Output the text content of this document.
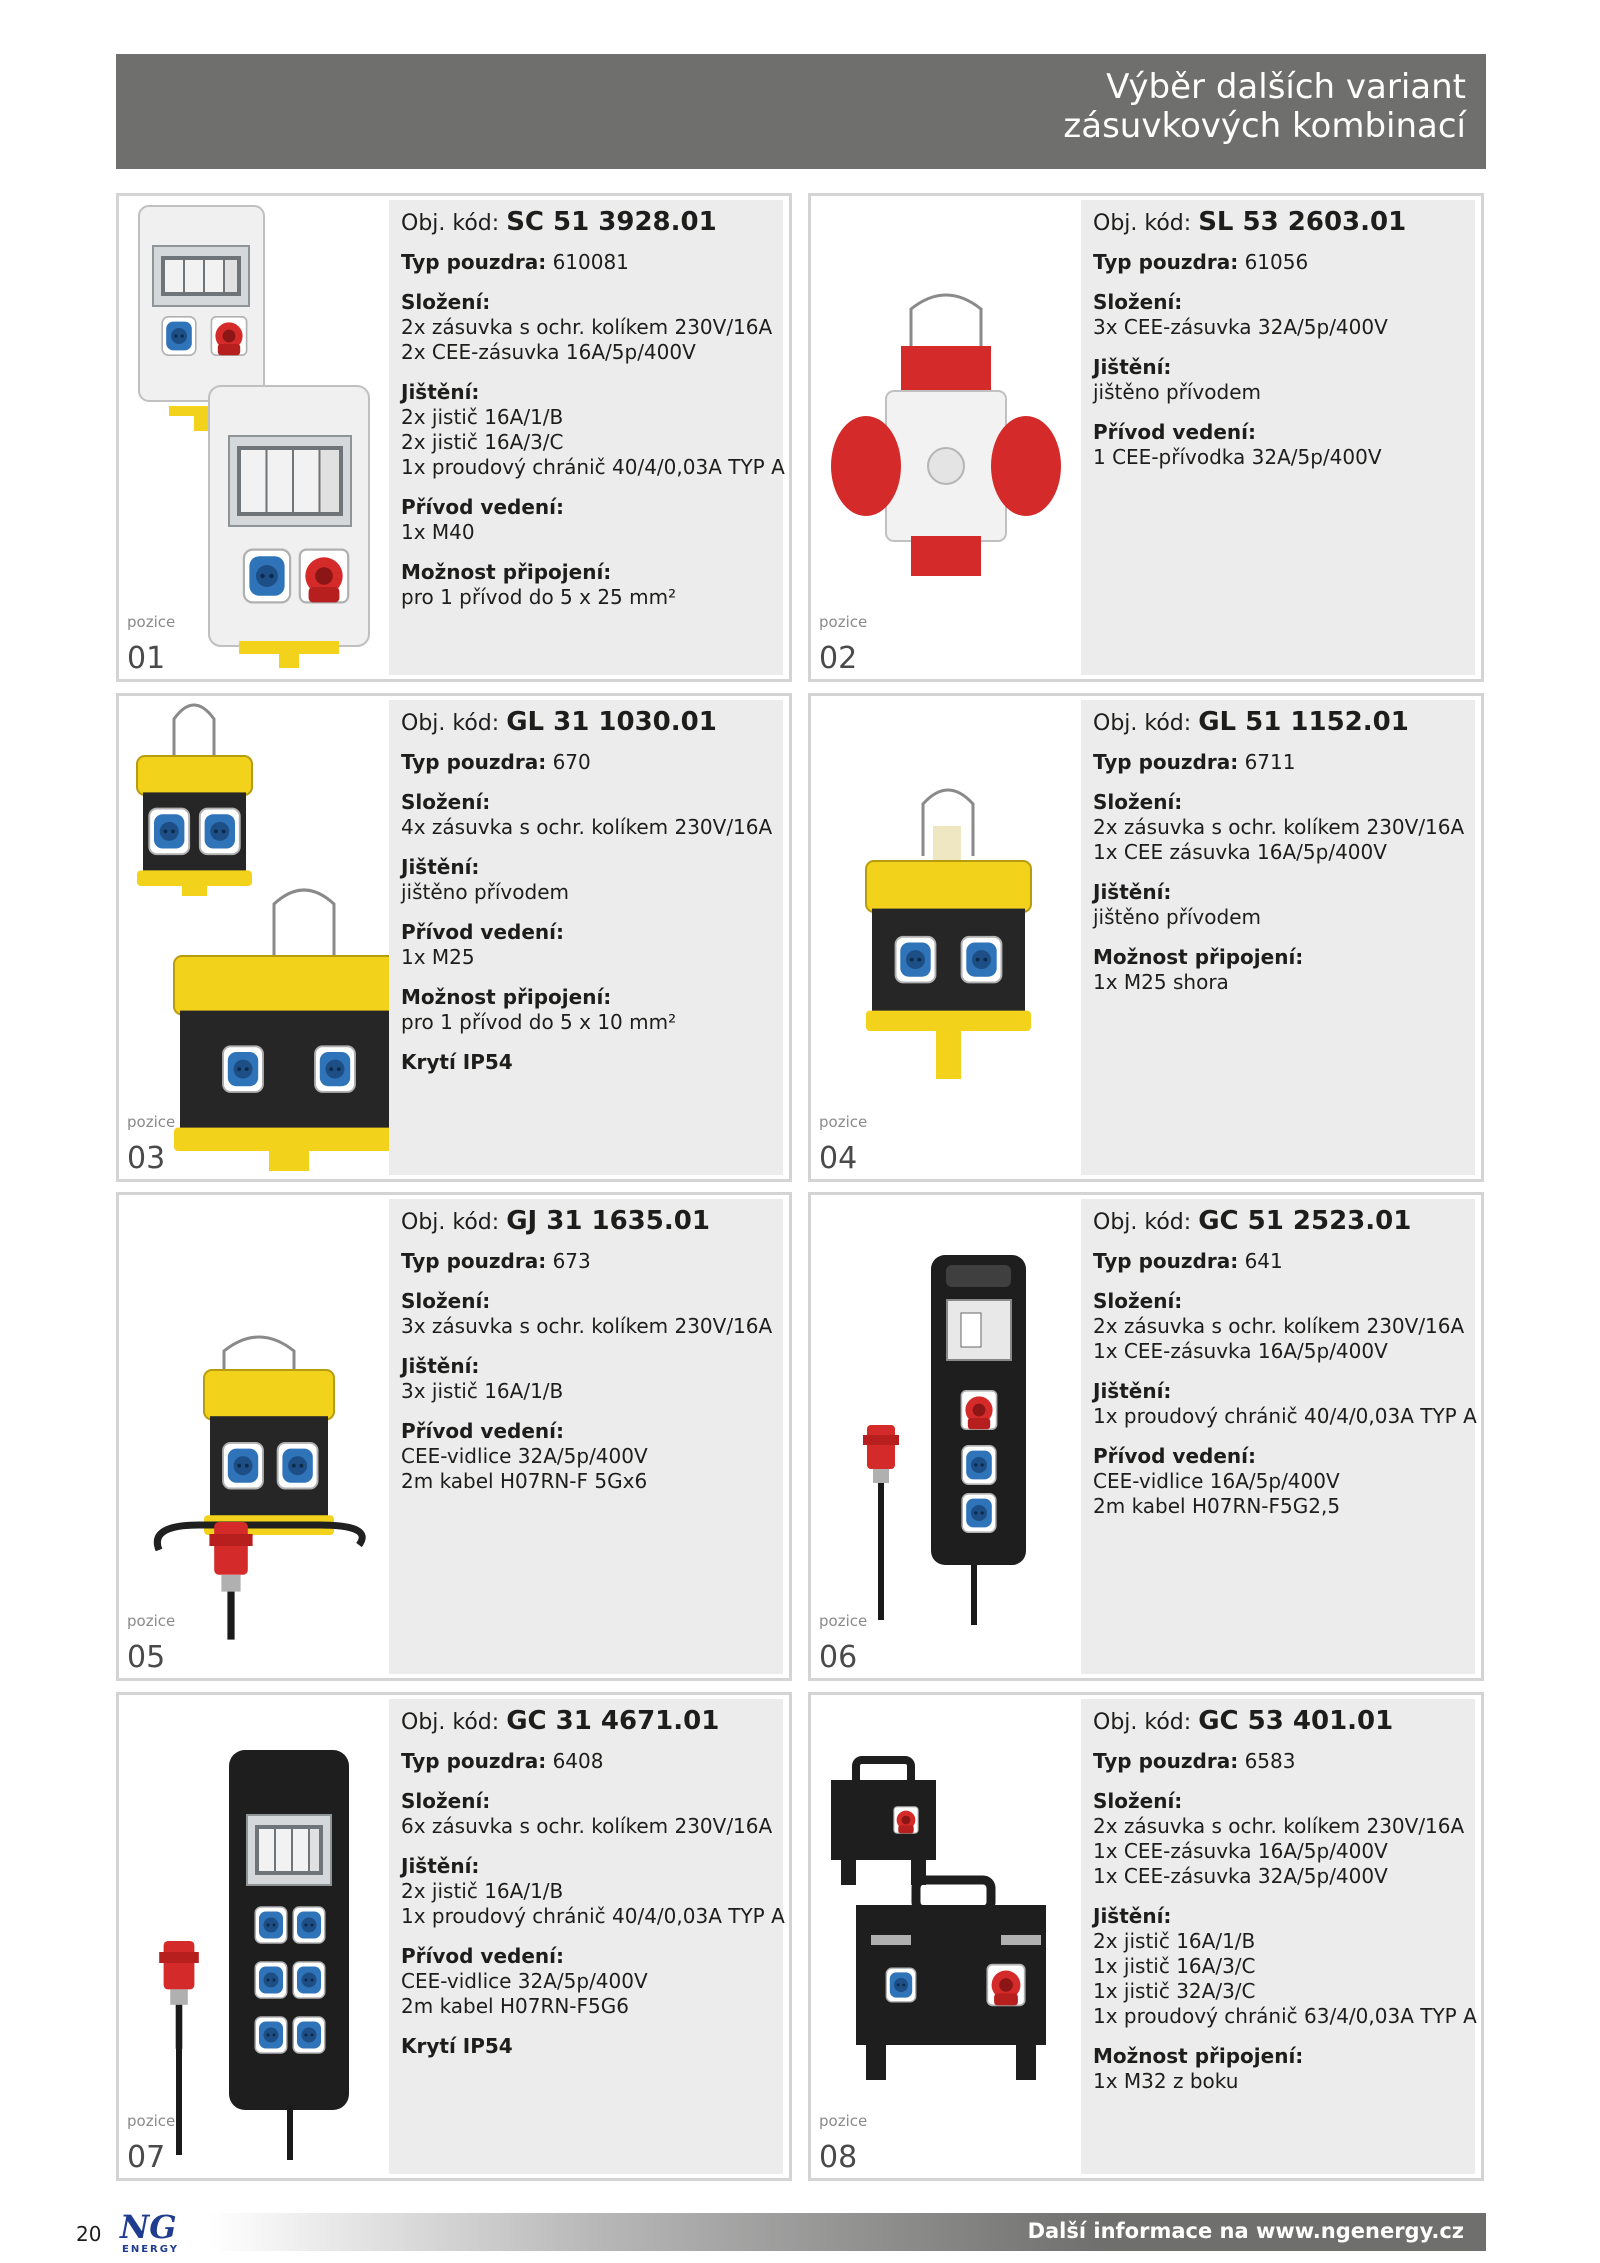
Výběr dalších variant
zásuvkových kombinací
pozice
01
Obj. kód: SC 51 3928.01
Typ pouzdra: 610081
Složení:
2x zásuvka s ochr. kolíkem 230V/16A
2x CEE-zásuvka 16A/5p/400V
Jištění:
2x jistič 16A/1/B
2x jistič 16A/3/C
1x proudový chránič 40/4/0,03A TYP A
Přívod vedení:
1x M40
Možnost připojení:
pro 1 přívod do 5 x 25 mm²
pozice
02
Obj. kód: SL 53 2603.01
Typ pouzdra: 61056
Složení:
3x CEE-zásuvka 32A/5p/400V
Jištění:
jištěno přívodem
Přívod vedení:
1 CEE-přívodka 32A/5p/400V
pozice
03
Obj. kód: GL 31 1030.01
Typ pouzdra: 670
Složení:
4x zásuvka s ochr. kolíkem 230V/16A
Jištění:
jištěno přívodem
Přívod vedení:
1x M25
Možnost připojení:
pro 1 přívod do 5 x 10 mm²
Krytí IP54
pozice
04
Obj. kód: GL 51 1152.01
Typ pouzdra: 6711
Složení:
2x zásuvka s ochr. kolíkem 230V/16A
1x CEE zásuvka 16A/5p/400V
Jištění:
jištěno přívodem
Možnost připojení:
1x M25 shora
pozice
05
Obj. kód: GJ 31 1635.01
Typ pouzdra: 673
Složení:
3x zásuvka s ochr. kolíkem 230V/16A
Jištění:
3x jistič 16A/1/B
Přívod vedení:
CEE-vidlice 32A/5p/400V
2m kabel H07RN-F 5Gx6
pozice
06
Obj. kód: GC 51 2523.01
Typ pouzdra: 641
Složení:
2x zásuvka s ochr. kolíkem 230V/16A
1x CEE-zásuvka 16A/5p/400V
Jištění:
1x proudový chránič 40/4/0,03A TYP A
Přívod vedení:
CEE-vidlice 16A/5p/400V
2m kabel H07RN-F5G2,5
pozice
07
Obj. kód: GC 31 4671.01
Typ pouzdra: 6408
Složení:
6x zásuvka s ochr. kolíkem 230V/16A
Jištění:
2x jistič 16A/1/B
1x proudový chránič 40/4/0,03A TYP A
Přívod vedení:
CEE-vidlice 32A/5p/400V
2m kabel H07RN-F5G6
Krytí IP54
pozice
08
Obj. kód: GC 53 401.01
Typ pouzdra: 6583
Složení:
2x zásuvka s ochr. kolíkem 230V/16A
1x CEE-zásuvka 16A/5p/400V
1x CEE-zásuvka 32A/5p/400V
Jištění:
2x jistič 16A/1/B
1x jistič 16A/3/C
1x jistič 32A/3/C
1x proudový chránič 63/4/0,03A TYP A
Možnost připojení:
1x M32 z boku
20 NG
ENERGY
Další informace na www.ngenergy.cz
